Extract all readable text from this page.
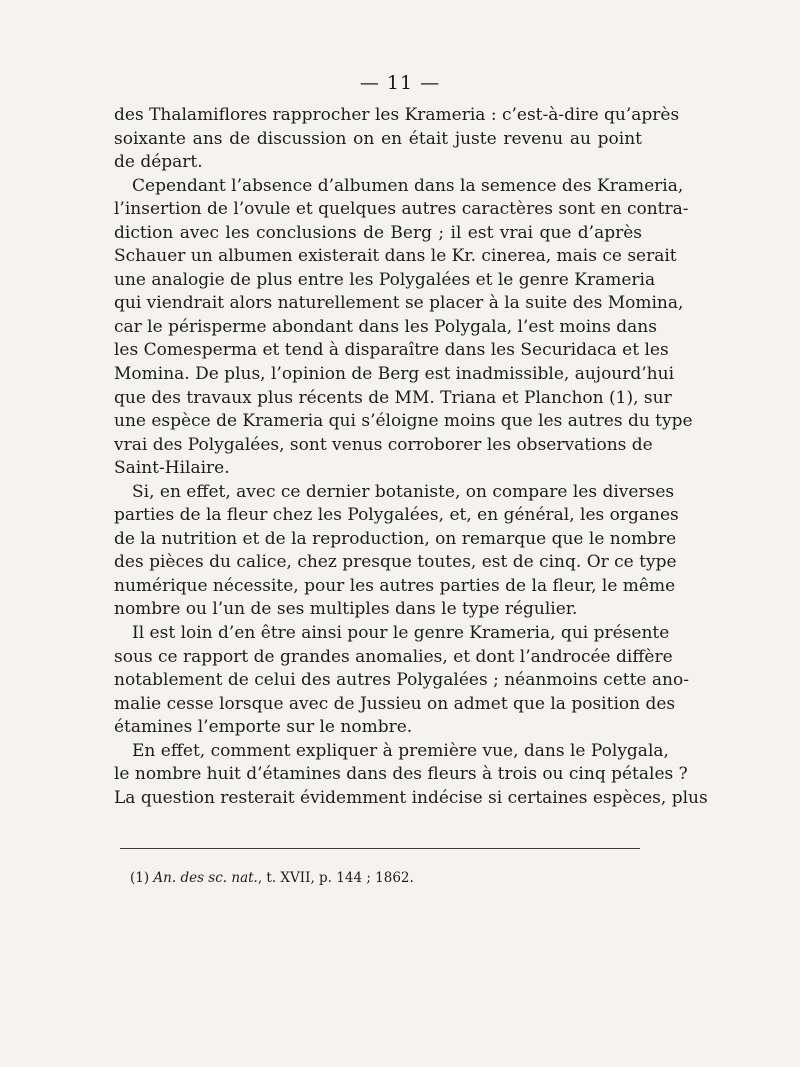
— 11 —
des Thalamiflores rapprocher les Krameria : c’est-à-dire qu’après
soixante ans de discussion on en était juste revenu au point
de départ.
Cependant l’absence d’albumen dans la semence des Krameria,
l’insertion de l’ovule et quelques autres caractères sont en contra-
diction avec les conclusions de Berg ; il est vrai que d’après
Schauer un albumen existerait dans le Kr. cinerea, mais ce serait
une analogie de plus entre les Polygalées et le genre Krameria
qui viendrait alors naturellement se placer à la suite des Momina,
car le périsperme abondant dans les Polygala, l’est moins dans
les Comesperma et tend à disparaître dans les Securidaca et les
Momina. De plus, l’opinion de Berg est inadmissible, aujourd’hui
que des travaux plus récents de MM. Triana et Planchon (1), sur
une espèce de Krameria qui s’éloigne moins que les autres du type
vrai des Polygalées, sont venus corroborer les observations de
Saint-Hilaire.
Si, en effet, avec ce dernier botaniste, on compare les diverses
parties de la fleur chez les Polygalées, et, en général, les organes
de la nutrition et de la reproduction, on remarque que le nombre
des pièces du calice, chez presque toutes, est de cinq. Or ce type
numérique nécessite, pour les autres parties de la fleur, le même
nombre ou l’un de ses multiples dans le type régulier.
Il est loin d’en être ainsi pour le genre Krameria, qui présente
sous ce rapport de grandes anomalies, et dont l’androcée diffère
notablement de celui des autres Polygalées ; néanmoins cette ano-
malie cesse lorsque avec de Jussieu on admet que la position des
étamines l’emporte sur le nombre.
En effet, comment expliquer à première vue, dans le Polygala,
le nombre huit d’étamines dans des fleurs à trois ou cinq pétales ?
La question resterait évidemment indécise si certaines espèces, plus
(1) An. des sc. nat., t. XVII, p. 144 ; 1862.
